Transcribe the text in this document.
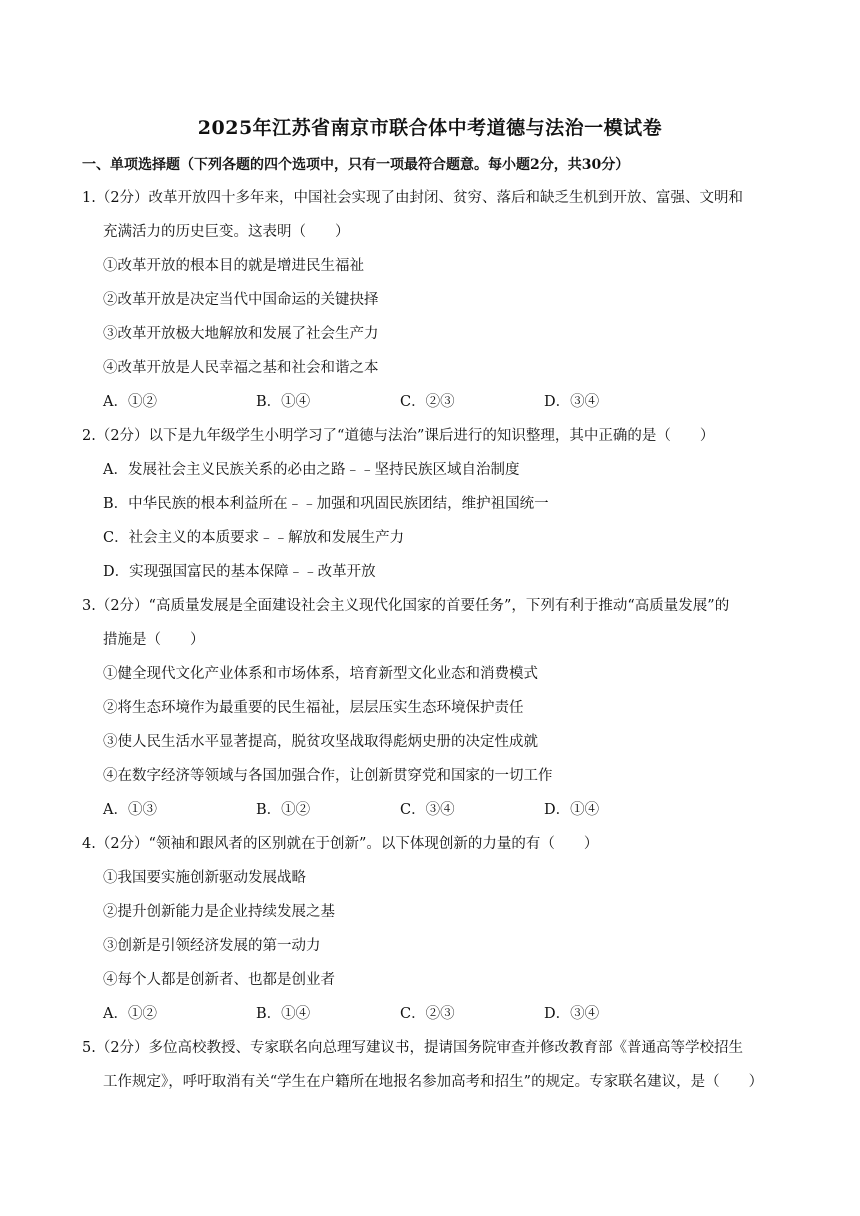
2025年江苏省南京市联合体中考道德与法治一模试卷
一、单项选择题（下列各题的四个选项中，只有一项最符合题意。每小题2分，共30分）
1.（2分）改革开放四十多年来，中国社会实现了由封闭、贫穷、落后和缺乏生机到开放、富强、文明和
充满活力的历史巨变。这表明（　　）
①改革开放的根本目的就是增进民生福祉
②改革开放是决定当代中国命运的关键抉择
③改革开放极大地解放和发展了社会生产力
④改革开放是人民幸福之基和社会和谐之本
A．①②	B．①④	C．②③	D．③④
2.（2分）以下是九年级学生小明学习了“道德与法治”课后进行的知识整理，其中正确的是（　　）
A．发展社会主义民族关系的必由之路﹣﹣坚持民族区域自治制度
B．中华民族的根本利益所在﹣﹣加强和巩固民族团结，维护祖国统一
C．社会主义的本质要求﹣﹣解放和发展生产力
D．实现强国富民的基本保障﹣﹣改革开放
3.（2分）“高质量发展是全面建设社会主义现代化国家的首要任务”，下列有利于推动“高质量发展”的
措施是（　　）
①健全现代文化产业体系和市场体系，培育新型文化业态和消费模式
②将生态环境作为最重要的民生福祉，层层压实生态环境保护责任
③使人民生活水平显著提高，脱贫攻坚战取得彪炳史册的决定性成就
④在数字经济等领域与各国加强合作，让创新贯穿党和国家的一切工作
A．①③	B．①②	C．③④	D．①④
4.（2分）“领袖和跟风者的区别就在于创新”。以下体现创新的力量的有（　　）
①我国要实施创新驱动发展战略
②提升创新能力是企业持续发展之基
③创新是引领经济发展的第一动力
④每个人都是创新者、也都是创业者
A．①②	B．①④	C．②③	D．③④
5.（2分）多位高校教授、专家联名向总理写建议书，提请国务院审查并修改教育部《普通高等学校招生
工作规定》，呼吁取消有关“学生在户籍所在地报名参加高考和招生”的规定。专家联名建议，是（　　）
